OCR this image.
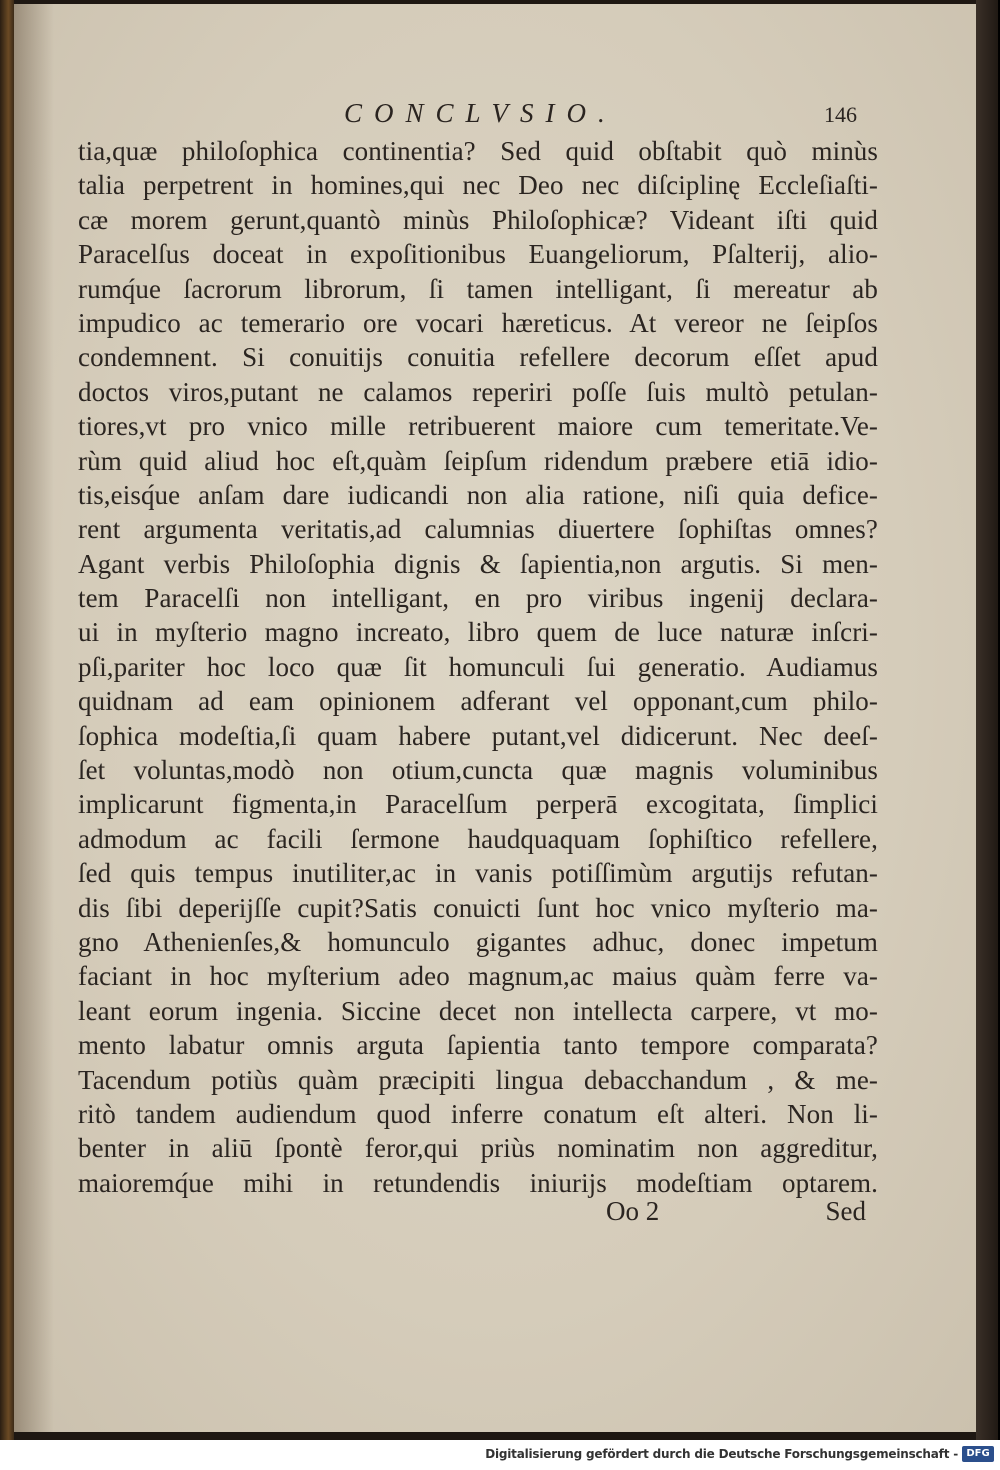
CONCLVSIO.	146
tia,quæ philoſophica continentia? Sed quid obſtabit quò minùs
talia perpetrent in homines,qui nec Deo nec diſciplinę Eccleſiaſti-
cæ morem gerunt,quantò minùs Philoſophicæ? Videant iſti quid
Paracelſus doceat in expoſitionibus Euangeliorum, Pſalterij, alio-
rumq́ue ſacrorum librorum, ſi tamen intelligant, ſi mereatur ab
impudico ac temerario ore vocari hæreticus. At vereor ne ſeipſos
condemnent. Si conuitijs conuitia refellere decorum eſſet apud
doctos viros,putant ne calamos reperiri poſſe ſuis multò petulan-
tiores,vt pro vnico mille retribuerent maiore cum temeritate.Ve-
rùm quid aliud hoc eſt,quàm ſeipſum ridendum præbere etiā idio-
tis,eisq́ue anſam dare iudicandi non alia ratione, niſi quia defice-
rent argumenta veritatis,ad calumnias diuertere ſophiſtas omnes?
Agant verbis Philoſophia dignis & ſapientia,non argutis. Si men-
tem Paracelſi non intelligant, en pro viribus ingenij declara-
ui in myſterio magno increato, libro quem de luce naturæ inſcri-
pſi,pariter hoc loco quæ ſit homunculi ſui generatio. Audiamus
quidnam ad eam opinionem adferant vel opponant,cum philo-
ſophica modeſtia,ſi quam habere putant,vel didicerunt. Nec deeſ-
ſet voluntas,modò non otium,cuncta quæ magnis voluminibus
implicarunt figmenta,in Paracelſum perperā excogitata, ſimplici
admodum ac facili ſermone haudquaquam ſophiſtico refellere,
ſed quis tempus inutiliter,ac in vanis potiſſimùm argutijs refutan-
dis ſibi deperijſſe cupit?Satis conuicti ſunt hoc vnico myſterio ma-
gno Athenienſes,& homunculo gigantes adhuc, donec impetum
faciant in hoc myſterium adeo magnum,ac maius quàm ferre va-
leant eorum ingenia. Siccine decet non intellecta carpere, vt mo-
mento labatur omnis arguta ſapientia tanto tempore comparata?
Tacendum potiùs quàm præcipiti lingua debacchandum , & me-
ritò tandem audiendum quod inferre conatum eſt alteri. Non li-
benter in aliū ſpontè feror,qui priùs nominatim non aggreditur,
maioremq́ue mihi in retundendis iniurijs modeſtiam optarem.
Oo 2	Sed
Digitalisierung gefördert durch die Deutsche Forschungsgemeinschaft - DFG
